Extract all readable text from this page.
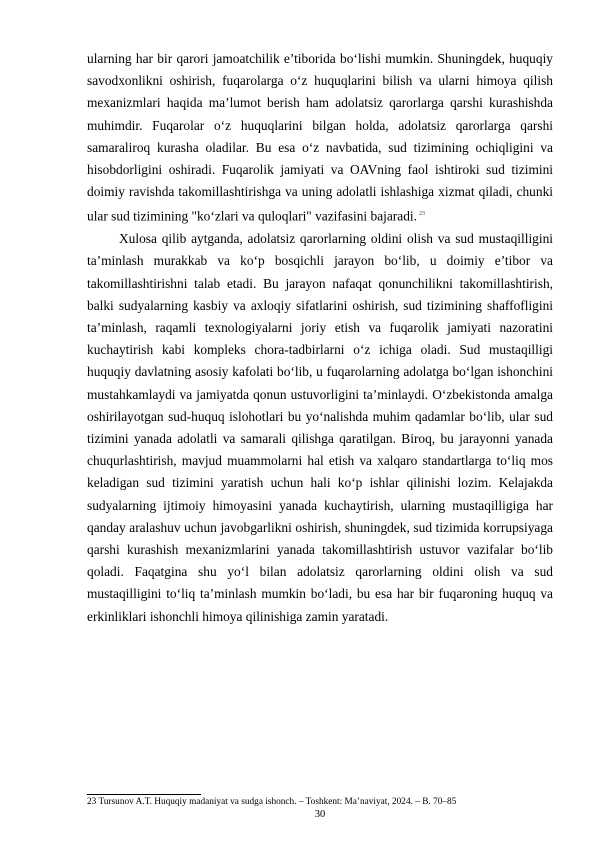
ularning har bir qarori jamoatchilik e’tiborida bo‘lishi mumkin. Shuningdek, huquqiy savodxonlikni oshirish, fuqarolarga o‘z huquqlarini bilish va ularni himoya qilish mexanizmlari haqida ma’lumot berish ham adolatsiz qarorlarga qarshi kurashishda muhimdir. Fuqarolar o‘z huquqlarini bilgan holda, adolatsiz qarorlarga qarshi samaraliroq kurasha oladilar. Bu esa o‘z navbatida, sud tizimining ochiqligini va hisobdorligini oshiradi. Fuqarolik jamiyati va OAVning faol ishtiroki sud tizimini doimiy ravishda takomillashtirishga va uning adolatli ishlashiga xizmat qiladi, chunki ular sud tizimining "ko‘zlari va quloqlari" vazifasini bajaradi. $^{23}$

Xulosa qilib aytganda, adolatsiz qarorlarning oldini olish va sud mustaqilligini ta’minlash murakkab va ko‘p bosqichli jarayon bo‘lib, u doimiy e’tibor va takomillashtirishni talab etadi. Bu jarayon nafaqat qonunchilikni takomillashtirish, balki sudyalarning kasbiy va axloqiy sifatlarini oshirish, sud tizimining shaffofligini ta’minlash, raqamli texnologiyalarni joriy etish va fuqarolik jamiyati nazoratini kuchaytirish kabi kompleks chora-tadbirlarni o‘z ichiga oladi. Sud mustaqilligi huquqiy davlatning asosiy kafolati bo‘lib, u fuqarolarning adolatga bo‘lgan ishonchini mustahkamlaydi va jamiyatda qonun ustuvorligini ta’minlaydi. O‘zbekistonda amalga oshirilayotgan sud-huquq islohotlari bu yo‘nalishda muhim qadamlar bo‘lib, ular sud tizimini yanada adolatli va samarali qilishga qaratilgan. Biroq, bu jarayonni yanada chuqurlashtirish, mavjud muammolarni hal etish va xalqaro standartlarga to‘liq mos keladigan sud tizimini yaratish uchun hali ko‘p ishlar qilinishi lozim. Kelajakda sudyalarning ijtimoiy himoyasini yanada kuchaytirish, ularning mustaqilligiga har qanday aralashuv uchun javobgarlikni oshirish, shuningdek, sud tizimida korrupsiyaga qarshi kurashish mexanizmlarini yanada takomillashtirish ustuvor vazifalar bo‘lib qoladi. Faqatgina shu yo‘l bilan adolatsiz qarorlarning oldini olish va sud mustaqilligini to‘liq ta’minlash mumkin bo‘ladi, bu esa har bir fuqaroning huquq va erkinliklari ishonchli himoya qilinishiga zamin yaratadi.

23 Tursunov A.T. Huquqiy madaniyat va sudga ishonch. – Toshkent: Ma’naviyat, 2024. – B. 70–85

30
